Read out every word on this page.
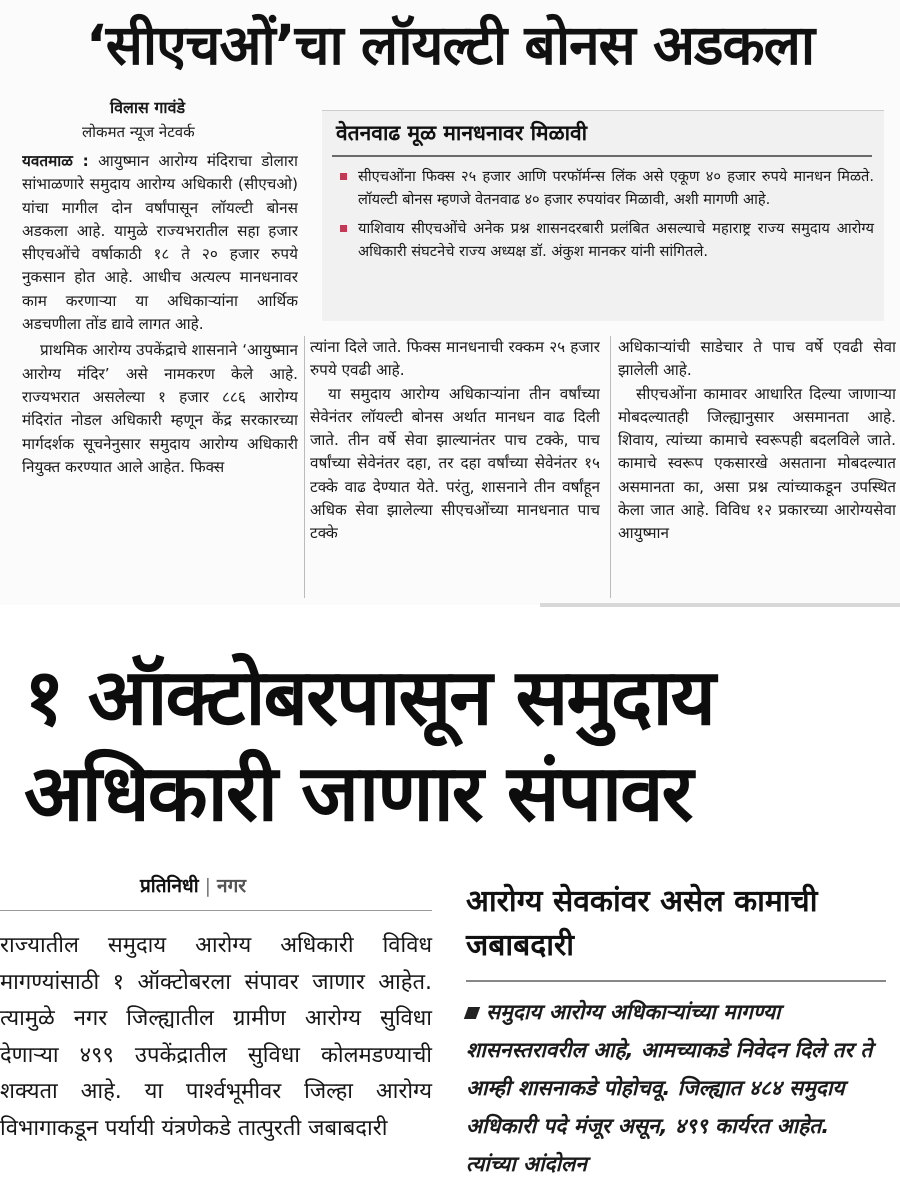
‘सीएचओं’चा लॉयल्टी बोनस अडकला
विलास गावंडे
लोकमत न्यूज नेटवर्क

यवतमाळ : आयुष्मान आरोग्य मंदिराचा डोलारा सांभाळणारे समुदाय आरोग्य अधिकारी (सीएचओ) यांचा मागील दोन वर्षांपासून लॉयल्टी बोनस अडकला आहे. यामुळे राज्यभरातील सहा हजार सीएचओंचे वर्षाकाठी १८ ते २० हजार रुपये नुकसान होत आहे. आधीच अत्यल्प मानधनावर काम करणाऱ्या या अधिकाऱ्यांना आर्थिक अडचणीला तोंड द्यावे लागत आहे.

प्राथमिक आरोग्य उपकेंद्राचे शासनाने ‘आयुष्मान आरोग्य मंदिर’ असे नामकरण केले आहे. राज्यभरात असलेल्या १ हजार ८८६ आरोग्य मंदिरांत नोडल अधिकारी म्हणून केंद्र सरकारच्या मार्गदर्शक सूचनेनुसार समुदाय आरोग्य अधिकारी नियुक्त करण्यात आले आहेत. फिक्स

वेतनवाढ मूळ मानधनावर मिळावी
सीएचओंना फिक्स २५ हजार आणि परफॉर्मन्स लिंक असे एकूण ४० हजार रुपये मानधन मिळते. लॉयल्टी बोनस म्हणजे वेतनवाढ ४० हजार रुपयांवर मिळावी, अशी मागणी आहे.
याशिवाय सीएचओंचे अनेक प्रश्न शासनदरबारी प्रलंबित असल्याचे महाराष्ट्र राज्य समुदाय आरोग्य अधिकारी संघटनेचे राज्य अध्यक्ष डॉ. अंकुश मानकर यांनी सांगितले.

त्यांना दिले जाते. फिक्स मानधनाची रक्कम २५ हजार रुपये एवढी आहे.

या समुदाय आरोग्य अधिकाऱ्यांना तीन वर्षांच्या सेवेनंतर लॉयल्टी बोनस अर्थात मानधन वाढ दिली जाते. तीन वर्षे सेवा झाल्यानंतर पाच टक्के, पाच वर्षांच्या सेवेनंतर दहा, तर दहा वर्षांच्या सेवेनंतर १५ टक्के वाढ देण्यात येते. परंतु, शासनाने तीन वर्षांहून अधिक सेवा झालेल्या सीएचओंच्या मानधनात पाच टक्के

अधिकाऱ्यांची साडेचार ते पाच वर्षे एवढी सेवा झालेली आहे.

सीएचओंना कामावर आधारित दिल्या जाणाऱ्या मोबदल्यातही जिल्ह्यानुसार असमानता आहे. शिवाय, त्यांच्या कामाचे स्वरूपही बदलविले जाते. कामाचे स्वरूप एकसारखे असताना मोबदल्यात असमानता का, असा प्रश्न त्यांच्याकडून उपस्थित केला जात आहे. विविध १२ प्रकारच्या आरोग्यसेवा आयुष्मान

१ ऑक्टोबरपासून समुदाय
अधिकारी जाणार संपावर
प्रतिनिधी | नगर
राज्यातील समुदाय आरोग्य अधिकारी विविध मागण्यांसाठी १ ऑक्टोबरला संपावर जाणार आहेत. त्यामुळे नगर जिल्ह्यातील ग्रामीण आरोग्य सुविधा देणाऱ्या ४९९ उपकेंद्रातील सुविधा कोलमडण्याची शक्यता आहे. या पार्श्वभूमीवर जिल्हा आरोग्य विभागाकडून पर्यायी यंत्रणेकडे तात्पुरती जबाबदारी
आरोग्य सेवकांवर असेल कामाची जबाबदारी
समुदाय आरोग्य अधिकाऱ्यांच्या मागण्या शासनस्तरावरील आहे, आमच्याकडे निवेदन दिले तर ते आम्ही शासनाकडे पोहोचवू. जिल्ह्यात ४८४ समुदाय अधिकारी पदे मंजूर असून, ४९९ कार्यरत आहेत. त्यांच्या आंदोलन
